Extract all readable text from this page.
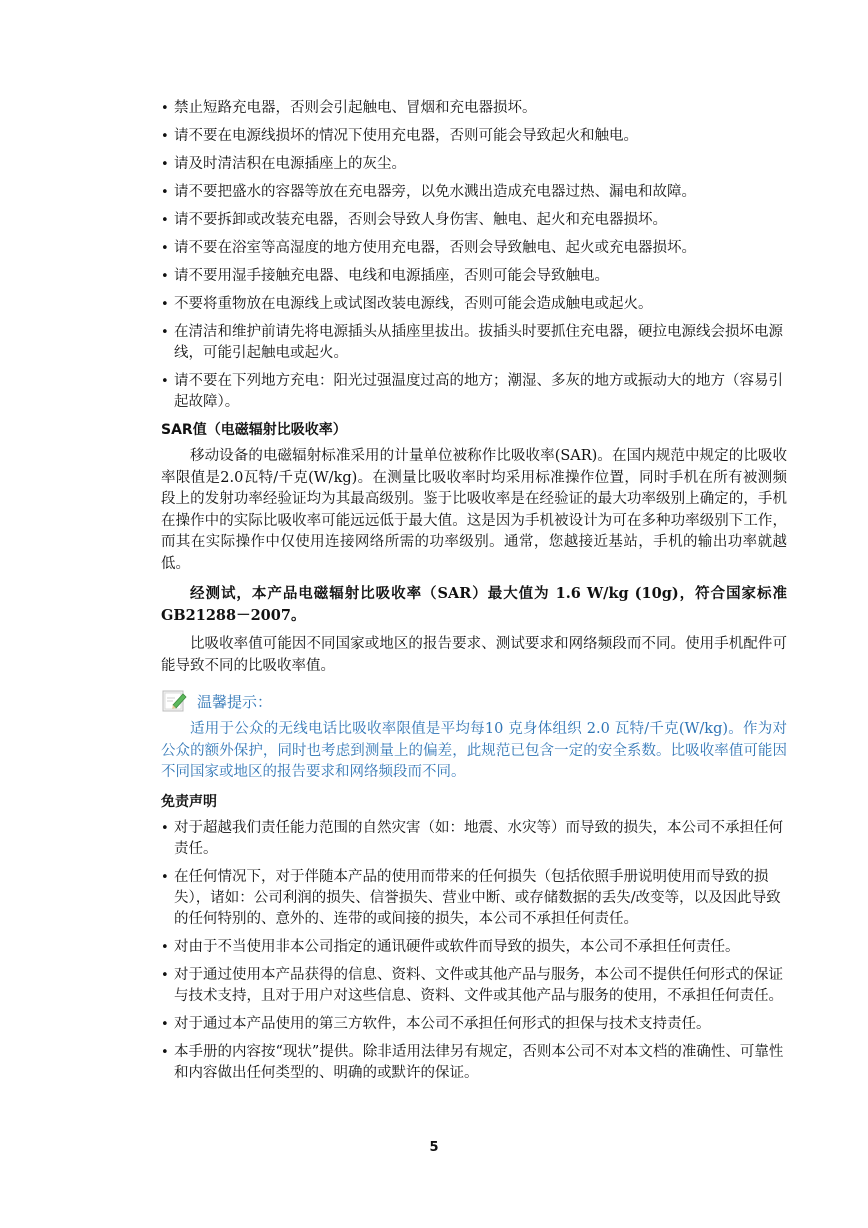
• 禁止短路充电器，否则会引起触电、冒烟和充电器损坏。
• 请不要在电源线损坏的情况下使用充电器，否则可能会导致起火和触电。
• 请及时清洁积在电源插座上的灰尘。
• 请不要把盛水的容器等放在充电器旁，以免水溅出造成充电器过热、漏电和故障。
• 请不要拆卸或改装充电器，否则会导致人身伤害、触电、起火和充电器损坏。
• 请不要在浴室等高湿度的地方使用充电器，否则会导致触电、起火或充电器损坏。
• 请不要用湿手接触充电器、电线和电源插座，否则可能会导致触电。
• 不要将重物放在电源线上或试图改装电源线，否则可能会造成触电或起火。
• 在清洁和维护前请先将电源插头从插座里拔出。拔插头时要抓住充电器，硬拉电源线会损坏电源线，可能引起触电或起火。
• 请不要在下列地方充电：阳光过强温度过高的地方；潮湿、多灰的地方或振动大的地方（容易引起故障）。
SAR值（电磁辐射比吸收率）

移动设备的电磁辐射标准采用的计量单位被称作比吸收率(SAR)。在国内规范中规定的比吸收率限值是2.0瓦特/千克(W/kg)。在测量比吸收率时均采用标准操作位置，同时手机在所有被测频段上的发射功率经验证均为其最高级别。鉴于比吸收率是在经验证的最大功率级别上确定的，手机在操作中的实际比吸收率可能远远低于最大值。这是因为手机被设计为可在多种功率级别下工作，而其在实际操作中仅使用连接网络所需的功率级别。通常，您越接近基站，手机的输出功率就越低。

经测试，本产品电磁辐射比吸收率（SAR）最大值为 1.6 W/kg (10g)，符合国家标准GB21288－2007。

比吸收率值可能因不同国家或地区的报告要求、测试要求和网络频段而不同。使用手机配件可能导致不同的比吸收率值。

温馨提示：

适用于公众的无线电话比吸收率限值是平均每10 克身体组织 2.0 瓦特/千克(W/kg)。作为对公众的额外保护，同时也考虑到测量上的偏差，此规范已包含一定的安全系数。比吸收率值可能因不同国家或地区的报告要求和网络频段而不同。

免责声明
• 对于超越我们责任能力范围的自然灾害（如：地震、水灾等）而导致的损失，本公司不承担任何责任。
• 在任何情况下，对于伴随本产品的使用而带来的任何损失（包括依照手册说明使用而导致的损失），诸如：公司利润的损失、信誉损失、营业中断、或存储数据的丢失/改变等，以及因此导致的任何特别的、意外的、连带的或间接的损失，本公司不承担任何责任。
• 对由于不当使用非本公司指定的通讯硬件或软件而导致的损失，本公司不承担任何责任。
• 对于通过使用本产品获得的信息、资料、文件或其他产品与服务，本公司不提供任何形式的保证与技术支持，且对于用户对这些信息、资料、文件或其他产品与服务的使用，不承担任何责任。
• 对于通过本产品使用的第三方软件，本公司不承担任何形式的担保与技术支持责任。
• 本手册的内容按“现状”提供。除非适用法律另有规定，否则本公司不对本文档的准确性、可靠性和内容做出任何类型的、明确的或默许的保证。
5
